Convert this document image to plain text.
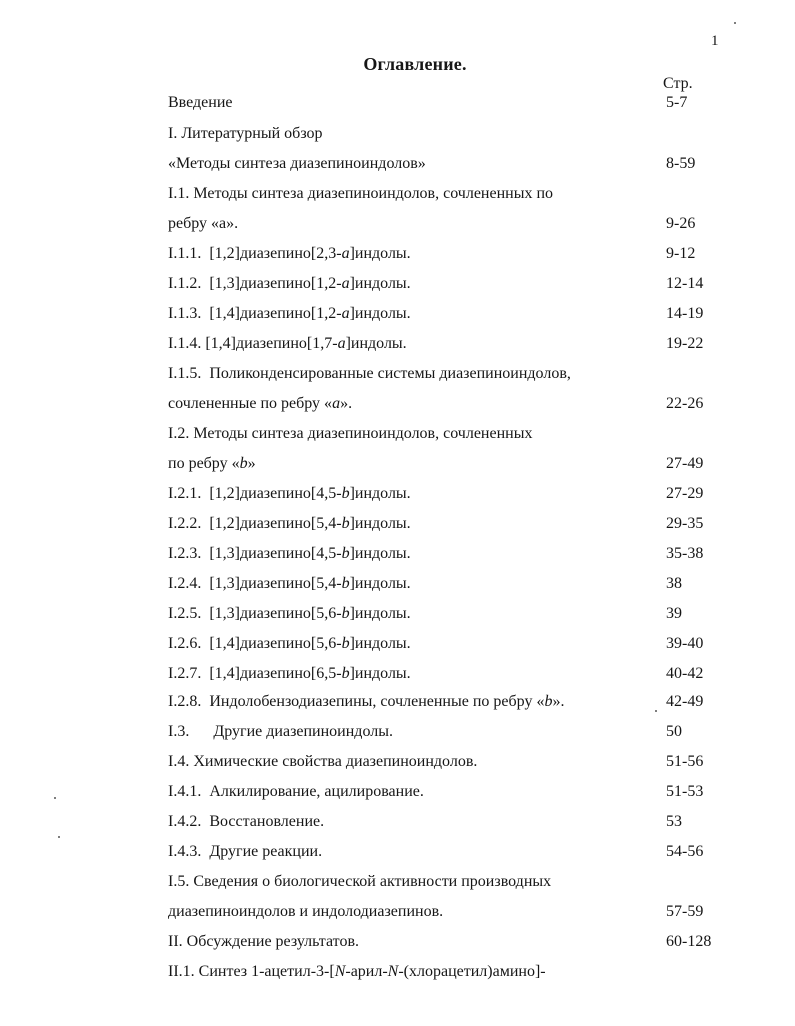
1
Оглавление.
Стр.
Введение	5-7
I. Литературный обзор
«Методы синтеза диазепиноиндолов»	8-59
I.1. Методы синтеза диазепиноиндолов, сочлененных по
ребру «а».	9-26
I.1.1.  [1,2]диазепино[2,3-a]индолы.	9-12
I.1.2.  [1,3]диазепино[1,2-a]индолы.	12-14
I.1.3.  [1,4]диазепино[1,2-a]индолы.	14-19
I.1.4. [1,4]диазепино[1,7-a]индолы.	19-22
I.1.5.  Поликонденсированные системы диазепиноиндолов,
сочлененные по ребру «a».	22-26
I.2. Методы синтеза диазепиноиндолов, сочлененных
по ребру «b»	27-49
I.2.1.  [1,2]диазепино[4,5-b]индолы.	27-29
I.2.2.  [1,2]диазепино[5,4-b]индолы.	29-35
I.2.3.  [1,3]диазепино[4,5-b]индолы.	35-38
I.2.4.  [1,3]диазепино[5,4-b]индолы.	38
I.2.5.  [1,3]диазепино[5,6-b]индолы.	39
I.2.6.  [1,4]диазепино[5,6-b]индолы.	39-40
I.2.7.  [1,4]диазепино[6,5-b]индолы.	40-42
I.2.8.  Индолобензодиазепины, сочлененные по ребру «b».	42-49
I.3.      Другие диазепиноиндолы.	50
I.4. Химические свойства диазепиноиндолов.	51-56
I.4.1.  Алкилирование, ацилирование.	51-53
I.4.2.  Восстановление.	53
I.4.3.  Другие реакции.	54-56
I.5. Сведения о биологической активности производных
диазепиноиндолов и индолодиазепинов.	57-59
II. Обсуждение результатов.	60-128
II.1. Синтез 1-ацетил-3-[N-арил-N-(хлорацетил)амино]-
